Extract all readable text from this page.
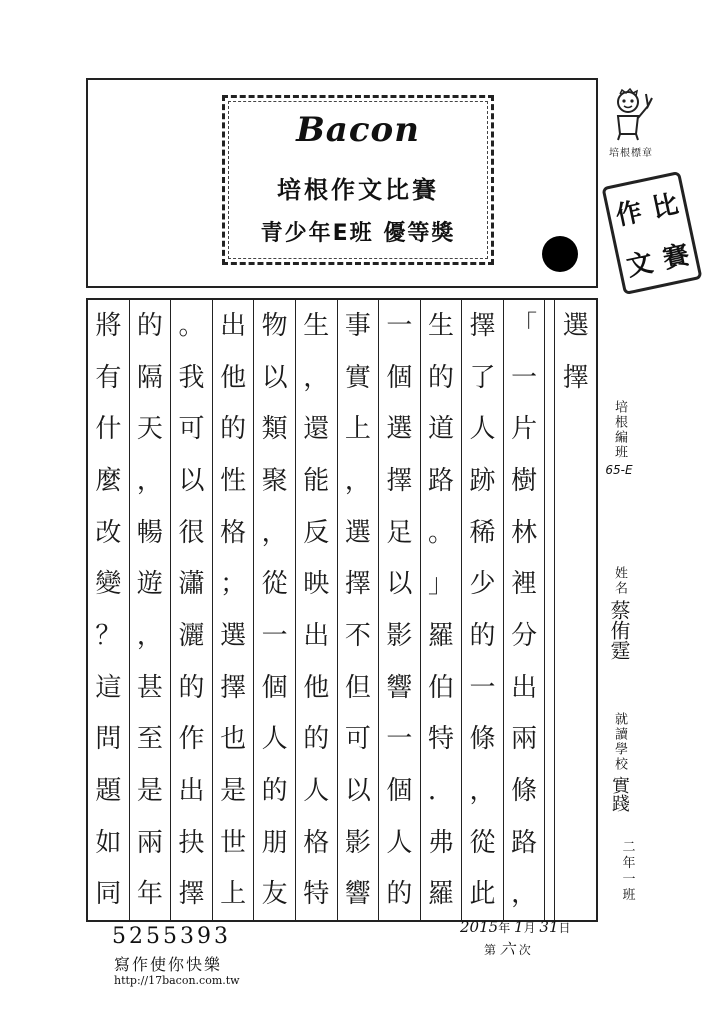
Bacon
培根作文比賽
青少年E班 優等獎
培根標章
作 比
文 賽
選
擇
「
一
片
樹
林
裡
分
出
兩
條
路
，
擇
了
人
跡
稀
少
的
一
條
，
從
此
生
的
道
路
。
」
羅
伯
特
．
弗
羅
一
個
選
擇
足
以
影
響
一
個
人
的
事
實
上
，
選
擇
不
但
可
以
影
響
生
，
還
能
反
映
出
他
的
人
格
特
物
以
類
聚
，
從
一
個
人
的
朋
友
出
他
的
性
格
；
選
擇
也
是
世
上
。
我
可
以
很
瀟
灑
的
作
出
抉
擇
的
隔
天
，
暢
遊
，
甚
至
是
兩
年
將
有
什
麼
改
變
？
這
問
題
如
同
培根編班
65-E
姓名
蔡侑霆
就讀學校
實踐
二
年
一
班
5255393
寫作使你快樂
http://17bacon.com.tw
2015年 1月 31日
第 六 次
